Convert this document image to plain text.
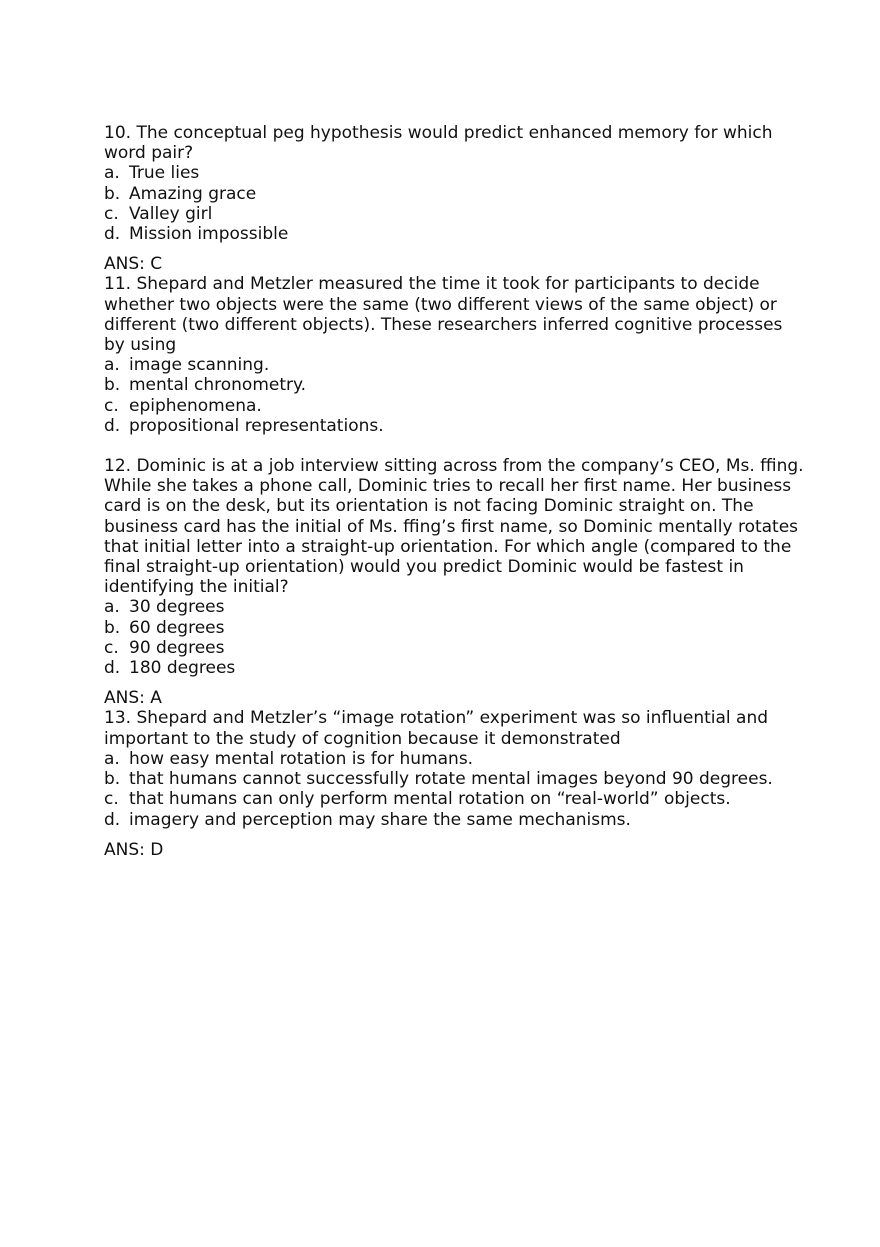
10. The conceptual peg hypothesis would predict enhanced memory for which word pair?

a. True lies
b. Amazing grace
c. Valley girl
d. Mission impossible

ANS: C

11. Shepard and Metzler measured the time it took for participants to decide whether two objects were the same (two different views of the same object) or different (two different objects). These researchers inferred cognitive processes by using

a. image scanning.
b. mental chronometry.
c. epiphenomena.
d. propositional representations.

12. Dominic is at a job interview sitting across from the company’s CEO, Ms. ffing. While she takes a phone call, Dominic tries to recall her first name. Her business card is on the desk, but its orientation is not facing Dominic straight on. The business card has the initial of Ms. ffing’s first name, so Dominic mentally rotates that initial letter into a straight-up orientation. For which angle (compared to the final straight-up orientation) would you predict Dominic would be fastest in identifying the initial?

a. 30 degrees
b. 60 degrees
c. 90 degrees
d. 180 degrees

ANS: A

13. Shepard and Metzler’s “image rotation” experiment was so influential and important to the study of cognition because it demonstrated

a. how easy mental rotation is for humans.
b. that humans cannot successfully rotate mental images beyond 90 degrees.
c. that humans can only perform mental rotation on “real-world” objects.
d. imagery and perception may share the same mechanisms.

ANS: D
